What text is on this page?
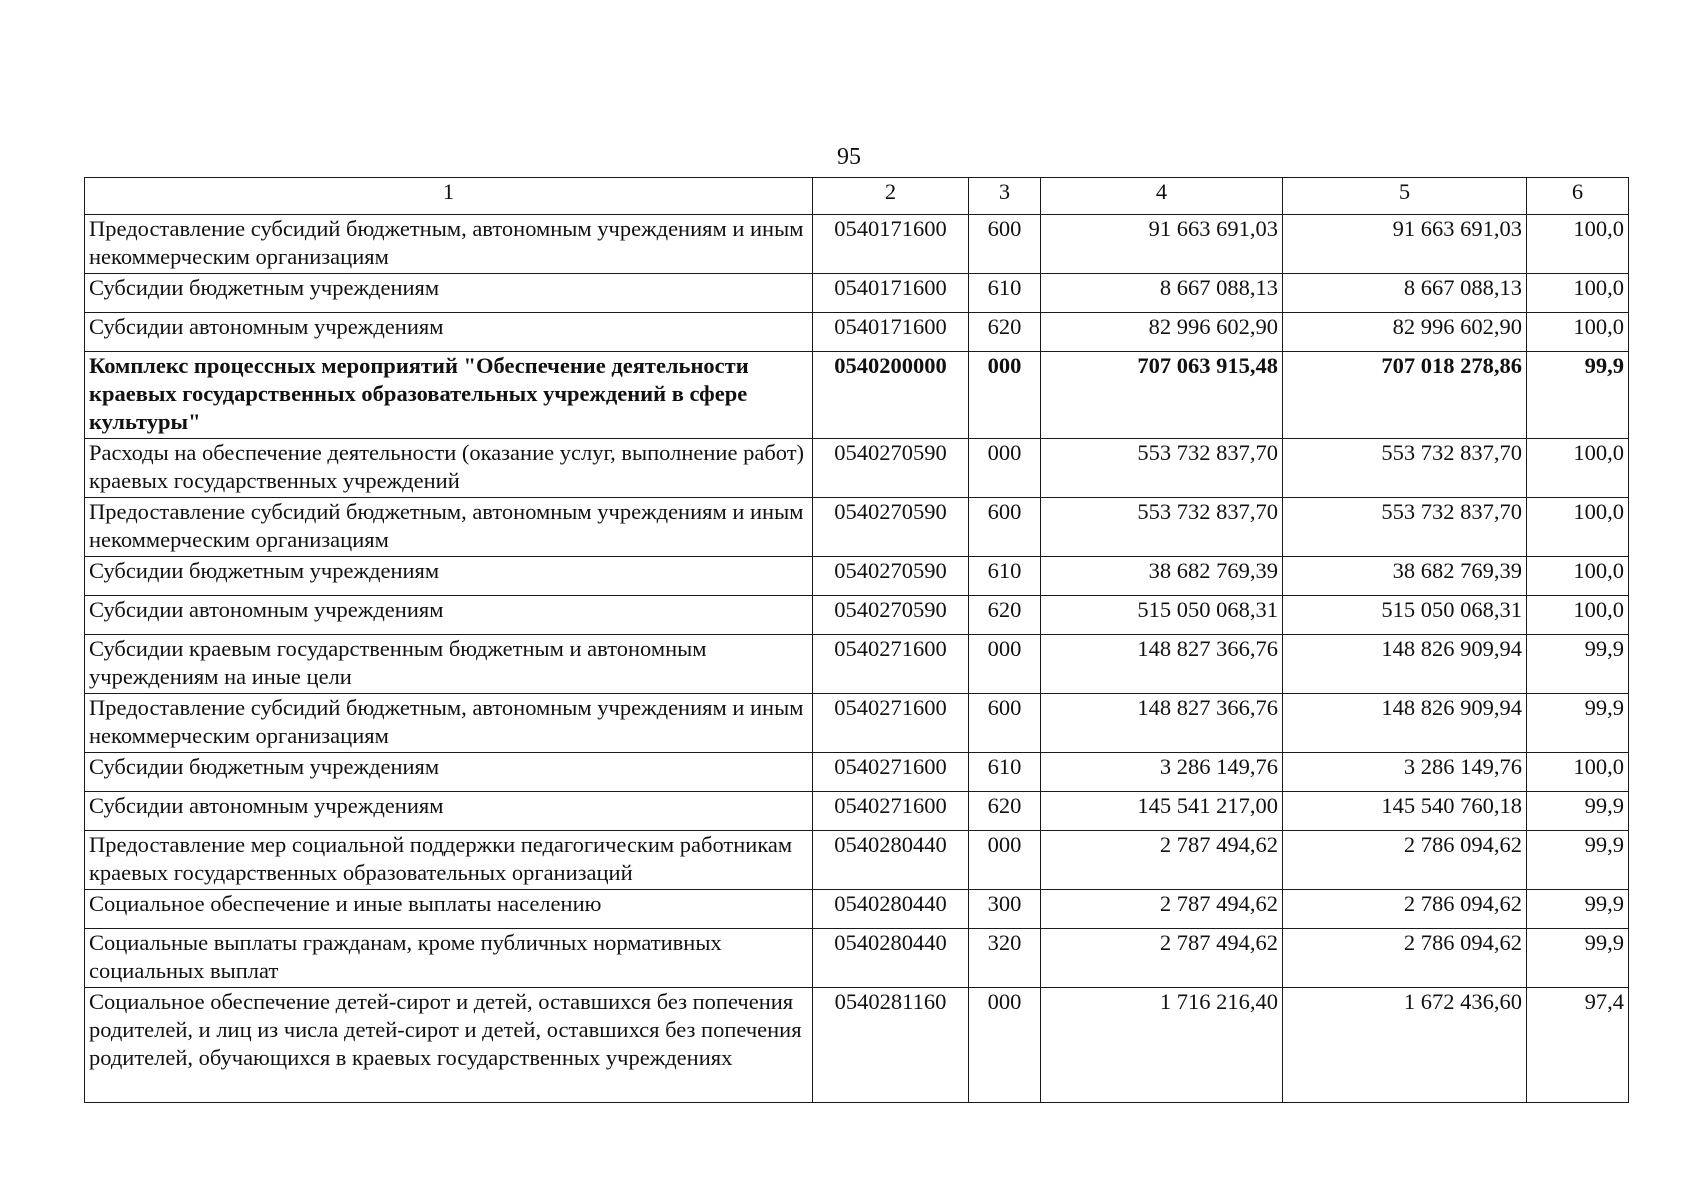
95
1	2	3	4	5	6
Предоставление субсидий бюджетным, автономным учреждениям и иным некоммерческим организациям	0540171600	600	91 663 691,03	91 663 691,03	100,0
Субсидии бюджетным учреждениям	0540171600	610	8 667 088,13	8 667 088,13	100,0
Субсидии автономным учреждениям	0540171600	620	82 996 602,90	82 996 602,90	100,0
Комплекс процессных мероприятий "Обеспечение деятельности краевых государственных образовательных учреждений в сфере культуры"	0540200000	000	707 063 915,48	707 018 278,86	99,9
Расходы на обеспечение деятельности (оказание услуг, выполнение работ) краевых государственных учреждений	0540270590	000	553 732 837,70	553 732 837,70	100,0
Предоставление субсидий бюджетным, автономным учреждениям и иным некоммерческим организациям	0540270590	600	553 732 837,70	553 732 837,70	100,0
Субсидии бюджетным учреждениям	0540270590	610	38 682 769,39	38 682 769,39	100,0
Субсидии автономным учреждениям	0540270590	620	515 050 068,31	515 050 068,31	100,0
Субсидии краевым государственным бюджетным и автономным учреждениям на иные цели	0540271600	000	148 827 366,76	148 826 909,94	99,9
Предоставление субсидий бюджетным, автономным учреждениям и иным некоммерческим организациям	0540271600	600	148 827 366,76	148 826 909,94	99,9
Субсидии бюджетным учреждениям	0540271600	610	3 286 149,76	3 286 149,76	100,0
Субсидии автономным учреждениям	0540271600	620	145 541 217,00	145 540 760,18	99,9
Предоставление мер социальной поддержки педагогическим работникам краевых государственных образовательных организаций	0540280440	000	2 787 494,62	2 786 094,62	99,9
Социальное обеспечение и иные выплаты населению	0540280440	300	2 787 494,62	2 786 094,62	99,9
Социальные выплаты гражданам, кроме публичных нормативных социальных выплат	0540280440	320	2 787 494,62	2 786 094,62	99,9
Социальное обеспечение детей-сирот и детей, оставшихся без попечения родителей, и лиц из числа детей-сирот и детей, оставшихся без попечения родителей, обучающихся в краевых государственных учреждениях	0540281160	000	1 716 216,40	1 672 436,60	97,4
